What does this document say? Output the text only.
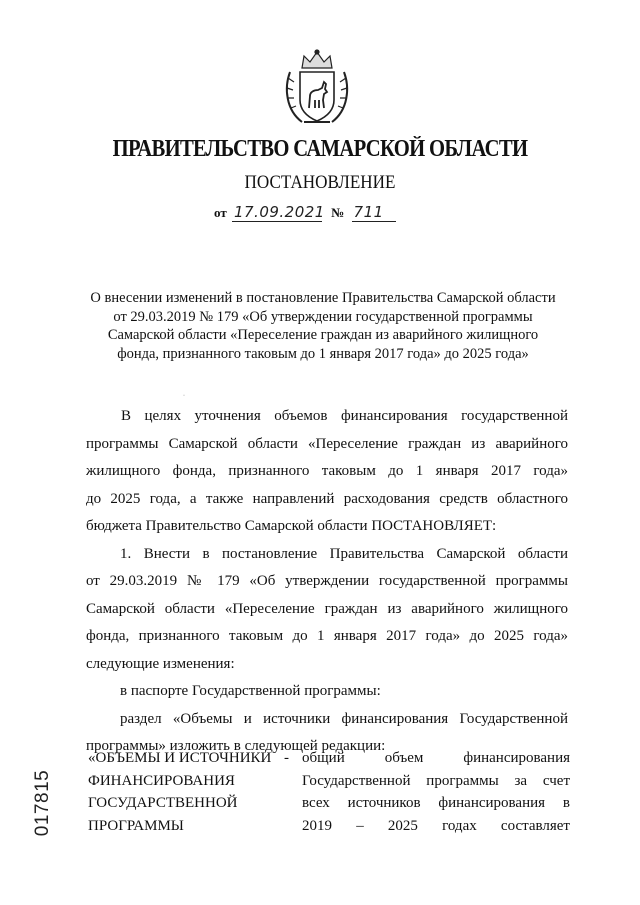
ПРАВИТЕЛЬСТВО САМАРСКОЙ ОБЛАСТИ
ПОСТАНОВЛЕНИЕ
от 17.09.2021 № 711
О внесении изменений в постановление Правительства Самарской области
от 29.03.2019 № 179 «Об утверждении государственной программы
Самарской области «Переселение граждан из аварийного жилищного
фонда, признанного таковым до 1 января 2017 года» до 2025 года»
·
В целях уточнения объемов финансирования государственной
программы Самарской области «Переселение граждан из аварийного
жилищного фонда, признанного таковым до 1 января 2017 года»
до 2025 года, а также направлений расходования средств областного
бюджета Правительство Самарской области ПОСТАНОВЛЯЕТ:
1. Внести в постановление Правительства Самарской области
от 29.03.2019 № 179 «Об утверждении государственной программы
Самарской области «Переселение граждан из аварийного жилищного
фонда, признанного таковым до 1 января 2017 года» до 2025 года»
следующие изменения:
в паспорте Государственной программы:
раздел «Объемы и источники финансирования Государственной
программы» изложить в следующей редакции:
«ОБЪЕМЫ И ИСТОЧНИКИ
ФИНАНСИРОВАНИЯ
ГОСУДАРСТВЕННОЙ
ПРОГРАММЫ
- общий объем финансирования
Государственной программы за счет
всех источников финансирования в
2019 – 2025 годах составляет
017815
